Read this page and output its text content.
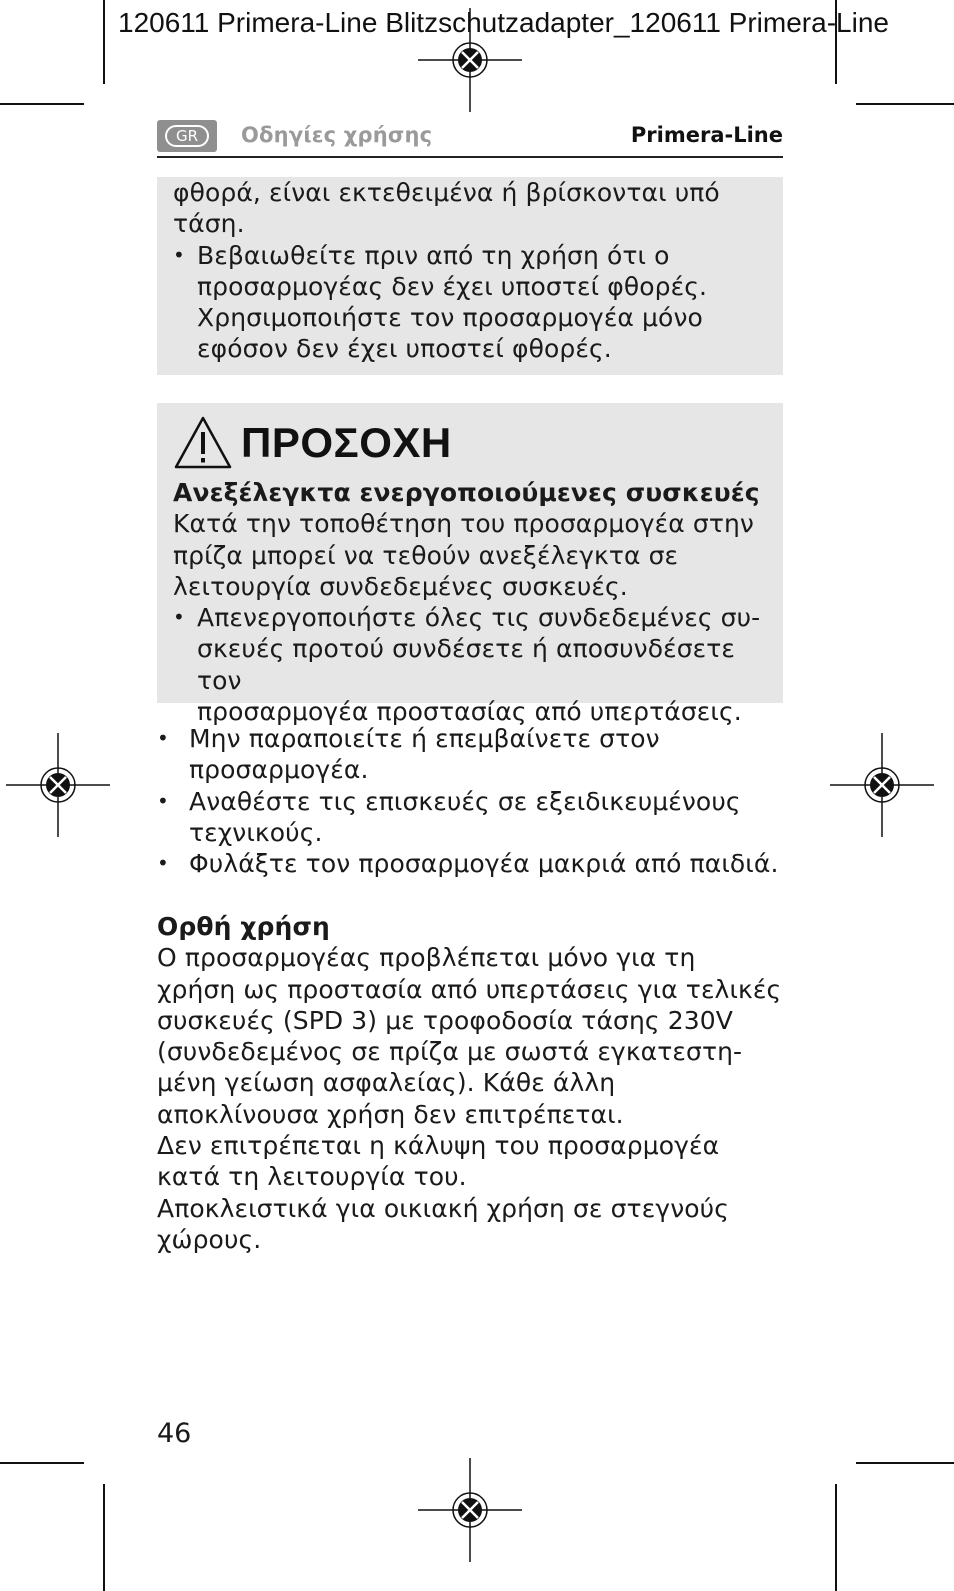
120611 Primera-Line Blitzschutzadapter_120611 Primera-Line
GR	Οδηγίες χρήσης	Primera-Line
φθορά, είναι εκτεθειμένα ή βρίσκονται υπό
τάση.
• Βεβαιωθείτε πριν από τη χρήση ότι ο
προσαρμογέας δεν έχει υποστεί φθορές.
Χρησιμοποιήστε τον προσαρμογέα μόνο
εφόσον δεν έχει υποστεί φθορές.
ΠΡΟΣΟΧΗ
Ανεξέλεγκτα ενεργοποιούμενες συσκευές
Κατά την τοποθέτηση του προσαρμογέα στην
πρίζα μπορεί να τεθούν ανεξέλεγκτα σε
λειτουργία συνδεδεμένες συσκευές.
• Απενεργοποιήστε όλες τις συνδεδεμένες συ-
σκευές προτού συνδέσετε ή αποσυνδέσετε τον
προσαρμογέα προστασίας από υπερτάσεις.
• Μην παραποιείτε ή επεμβαίνετε στον
προσαρμογέα.
• Αναθέστε τις επισκευές σε εξειδικευμένους
τεχνικούς.
• Φυλάξτε τον προσαρμογέα μακριά από παιδιά.
Ορθή χρήση
Ο προσαρμογέας προβλέπεται μόνο για τη
χρήση ως προστασία από υπερτάσεις για τελικές
συσκευές (SPD 3) με τροφοδοσία τάσης 230V
(συνδεδεμένος σε πρίζα με σωστά εγκατεστη-
μένη γείωση ασφαλείας). Κάθε άλλη
αποκλίνουσα χρήση δεν επιτρέπεται.
Δεν επιτρέπεται η κάλυψη του προσαρμογέα
κατά τη λειτουργία του.
Αποκλειστικά για οικιακή χρήση σε στεγνούς
χώρους.
46
